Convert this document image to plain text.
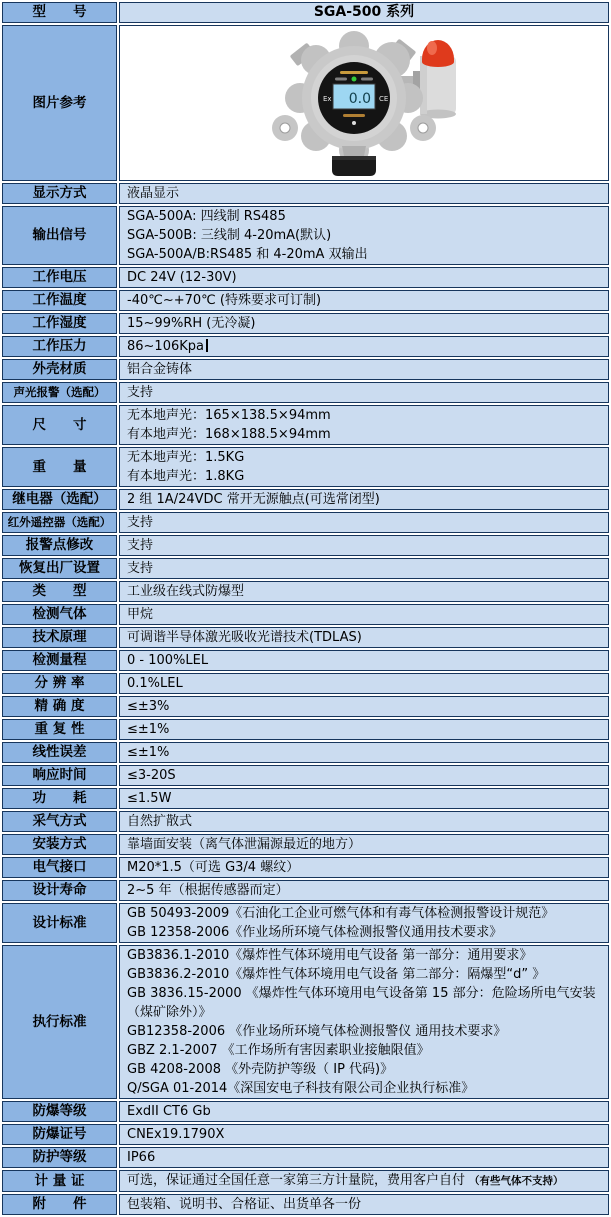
型　　号	SGA-500 系列
图片参考	0.0
Ex CE

显示方式	液晶显示

输出信号	SGA-500A: 四线制 RS485
SGA-500B: 三线制 4-20mA(默认)
SGA-500A/B:RS485 和 4-20mA 双输出

工作电压	DC 24V (12-30V)

工作温度	-40℃~+70℃ (特殊要求可订制)

工作湿度	15~99%RH (无冷凝)

工作压力	86~106Kpa

外壳材质	铝合金铸体

声光报警（选配）	支持

尺　　寸	无本地声光：165×138.5×94mm
有本地声光：168×188.5×94mm

重　　量	无本地声光：1.5KG
有本地声光：1.8KG

继电器（选配）	2 组 1A/24VDC 常开无源触点(可选常闭型)

红外遥控器（选配）	支持

报警点修改	支持

恢复出厂设置	支持

类　　型	工业级在线式防爆型

检测气体	甲烷

技术原理	可调谐半导体激光吸收光谱技术(TDLAS)

检测量程	0 - 100%LEL

分 辨 率	0.1%LEL

精 确 度	≤±3%

重 复 性	≤±1%

线性误差	≤±1%

响应时间	≤3-20S

功　　耗	≤1.5W

采气方式	自然扩散式

安装方式	靠墙面安装（离气体泄漏源最近的地方）

电气接口	M20*1.5（可选 G3/4 螺纹）

设计寿命	2~5 年（根据传感器而定）

设计标准	GB 50493-2009《石油化工企业可燃气体和有毒气体检测报警设计规范》
GB 12358-2006《作业场所环境气体检测报警仪通用技术要求》

执行标准	
GB3836.1-2010《爆炸性气体环境用电气设备 第一部分：通用要求》
GB3836.2-2010《爆炸性气体环境用电气设备 第二部分：隔爆型“d” 》
GB 3836.15-2000 《爆炸性气体环境用电气设备第 15 部分：危险场所电气安装（煤矿除外）》
GB12358-2006 《作业场所环境气体检测报警仪 通用技术要求》
GBZ 2.1-2007 《工作场所有害因素职业接触限值》
GB 4208-2008 《外壳防护等级（ IP 代码)》
Q/SGA 01-2014《深国安电子科技有限公司企业执行标准》

防爆等级	ExdII CT6 Gb

防爆证号	CNEx19.1790X

防护等级	IP66

计 量 证	可选，保证通过全国任意一家第三方计量院，费用客户自付 （有些气体不支持）

附　　件	包装箱、说明书、合格证、出货单各一份
